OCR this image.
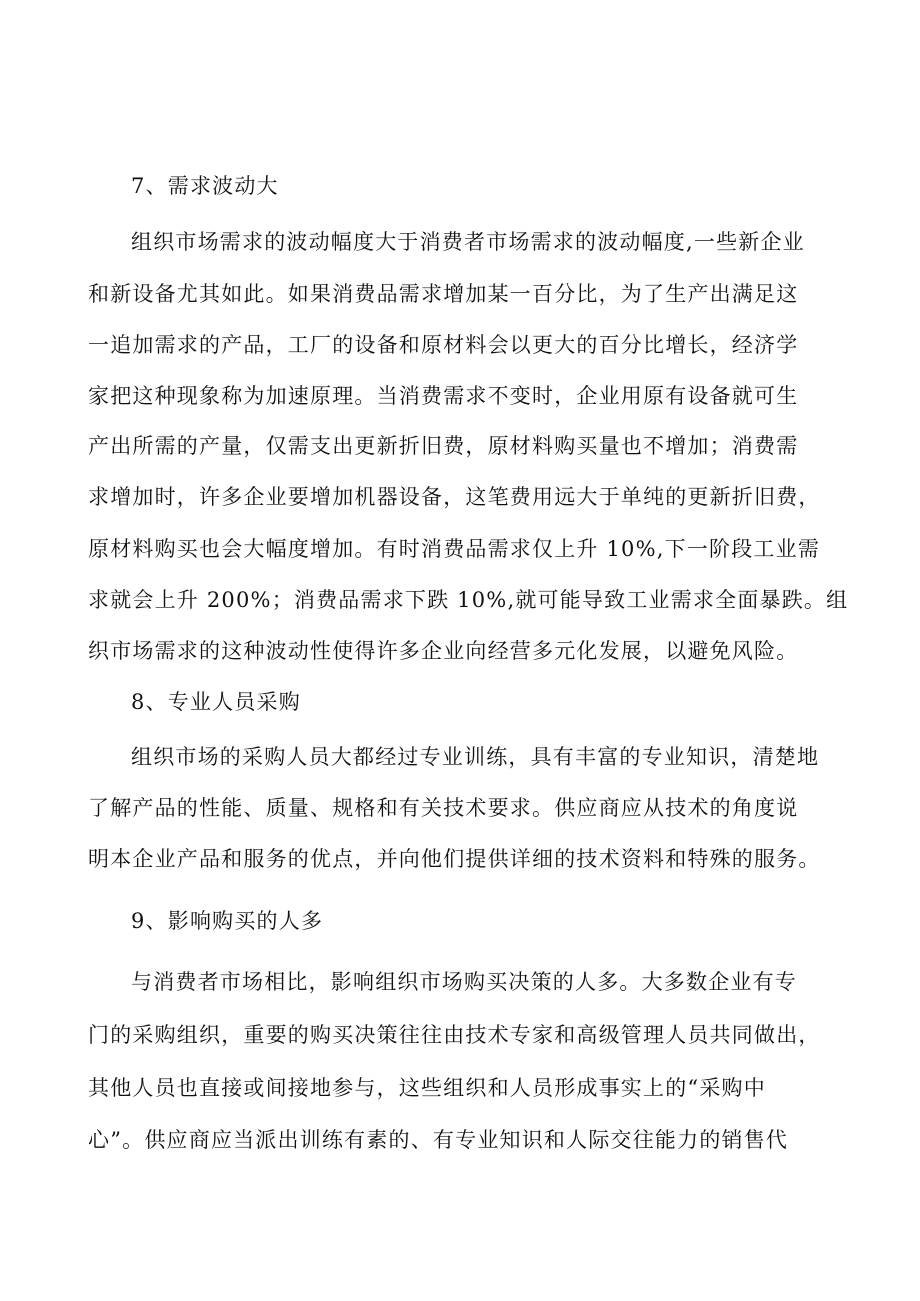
7、需求波动大
组织市场需求的波动幅度大于消费者市场需求的波动幅度,一些新企业
和新设备尤其如此。如果消费品需求增加某一百分比，为了生产出满足这
一追加需求的产品，工厂的设备和原材料会以更大的百分比增长，经济学
家把这种现象称为加速原理。当消费需求不变时，企业用原有设备就可生
产出所需的产量，仅需支出更新折旧费，原材料购买量也不增加；消费需
求增加时，许多企业要增加机器设备，这笔费用远大于单纯的更新折旧费，
原材料购买也会大幅度增加。有时消费品需求仅上升 10%,下一阶段工业需
求就会上升 200%；消费品需求下跌 10%,就可能导致工业需求全面暴跌。组
织市场需求的这种波动性使得许多企业向经营多元化发展，以避免风险。
8、专业人员采购
组织市场的采购人员大都经过专业训练，具有丰富的专业知识，清楚地
了解产品的性能、质量、规格和有关技术要求。供应商应从技术的角度说
明本企业产品和服务的优点，并向他们提供详细的技术资料和特殊的服务。
9、影响购买的人多
与消费者市场相比，影响组织市场购买决策的人多。大多数企业有专
门的采购组织，重要的购买决策往往由技术专家和高级管理人员共同做出，
其他人员也直接或间接地参与，这些组织和人员形成事实上的“采购中
心”。供应商应当派出训练有素的、有专业知识和人际交往能力的销售代
